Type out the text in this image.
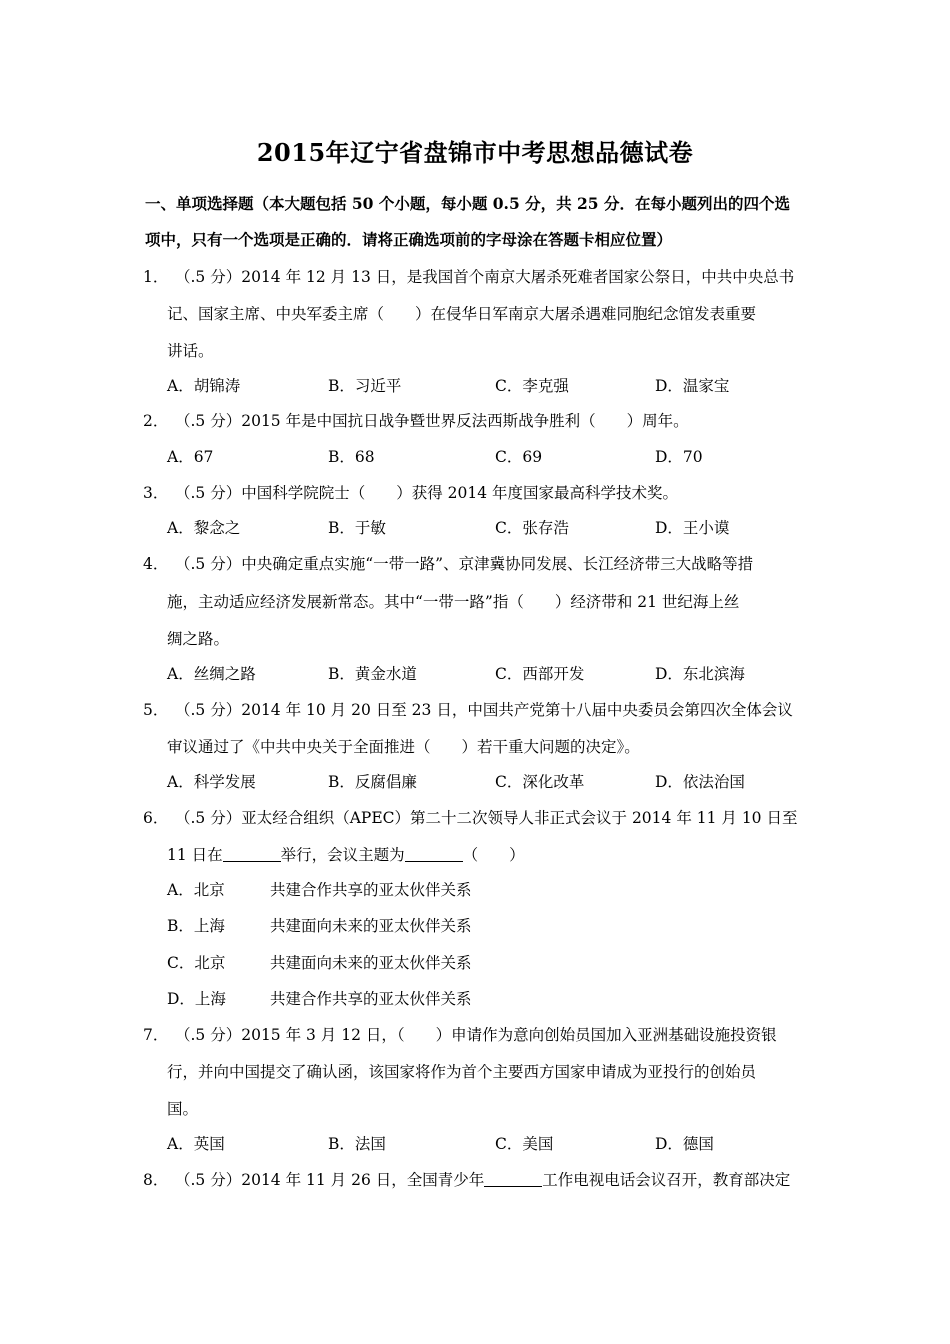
2015年辽宁省盘锦市中考思想品德试卷
一、单项选择题（本大题包括 50 个小题，每小题 0.5 分，共 25 分．在每小题列出的四个选
项中，只有一个选项是正确的．请将正确选项前的字母涂在答题卡相应位置）
1． （.5 分）2014 年 12 月 13 日，是我国首个南京大屠杀死难者国家公祭日，中共中央总书
记、国家主席、中央军委主席（　　）在侵华日军南京大屠杀遇难同胞纪念馆发表重要
讲话。
A．胡锦涛	B．习近平	C．李克强	D．温家宝
2． （.5 分）2015 年是中国抗日战争暨世界反法西斯战争胜利（　　）周年。
A．67	B．68	C．69	D．70
3． （.5 分）中国科学院院士（　　）获得 2014 年度国家最高科学技术奖。
A．黎念之	B．于敏	C．张存浩	D．王小谟
4． （.5 分）中央确定重点实施“一带一路”、京津冀协同发展、长江经济带三大战略等措
施，主动适应经济发展新常态。其中“一带一路”指（　　）经济带和 21 世纪海上丝
绸之路。
A．丝绸之路	B．黄金水道	C．西部开发	D．东北滨海
5． （.5 分）2014 年 10 月 20 日至 23 日，中国共产党第十八届中央委员会第四次全体会议
审议通过了《中共中央关于全面推进（　　）若干重大问题的决定》。
A．科学发展	B．反腐倡廉	C．深化改革	D．依法治国
6． （.5 分）亚太经合组织（APEC）第二十二次领导人非正式会议于 2014 年 11 月 10 日至
11 日在	举行，会议主题为	（　　）
A．北京	共建合作共享的亚太伙伴关系
B．上海	共建面向未来的亚太伙伴关系
C．北京	共建面向未来的亚太伙伴关系
D．上海	共建合作共享的亚太伙伴关系
7． （.5 分）2015 年 3 月 12 日，（　　）申请作为意向创始员国加入亚洲基础设施投资银
行，并向中国提交了确认函，该国家将作为首个主要西方国家申请成为亚投行的创始员
国。
A．英国	B．法国	C．美国	D．德国
8． （.5 分）2014 年 11 月 26 日，全国青少年	工作电视电话会议召开，教育部决定
